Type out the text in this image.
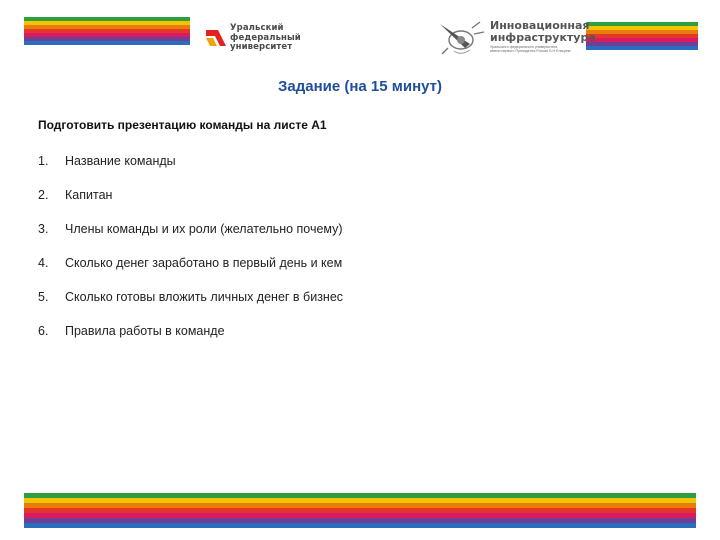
Уральский
федеральный
университет
Инновационная
инфраструктура
Уральского федерального университета
имени первого Президента России Б.Н.Ельцина
Задание (на 15 минут)
Подготовить презентацию команды на листе А1
1. Название команды
2. Капитан
3. Члены команды и их роли (желательно почему)
4. Сколько денег заработано в первый день и кем
5. Сколько готовы вложить личных денег в бизнес
6. Правила работы в команде
